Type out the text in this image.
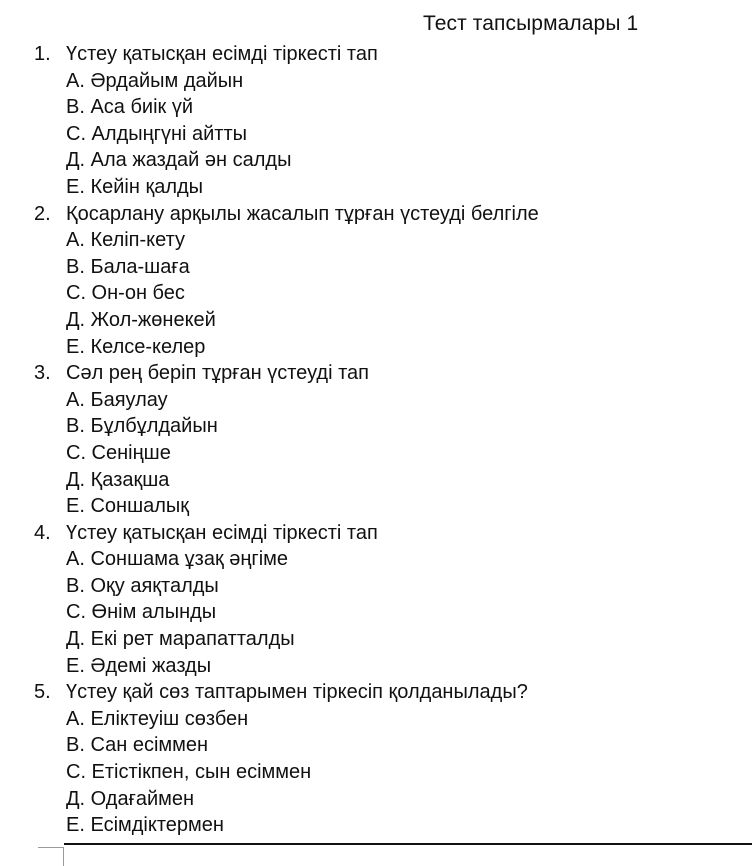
Тест тапсырмалары 1
1. Үстеу қатысқан есімді тіркесті тап
А. Әрдайым дайын
В. Аса биік үй
С. Алдыңгүні айтты
Д. Ала жаздай ән салды
Е. Кейін қалды
2. Қосарлану арқылы жасалып тұрған үстеуді белгіле
А. Келіп-кету
В. Бала-шаға
С. Он-он бес
Д. Жол-жөнекей
Е. Келсе-келер
3. Сәл рең беріп тұрған үстеуді тап
А. Баяулау
В. Бұлбұлдайын
С. Сеніңше
Д. Қазақша
Е. Соншалық
4. Үстеу қатысқан есімді тіркесті тап
А. Соншама ұзақ әңгіме
В. Оқу аяқталды
С. Өнім алынды
Д. Екі рет марапатталды
Е. Әдемі жазды
5. Үстеу қай сөз таптарымен тіркесіп қолданылады?
А. Еліктеуіш сөзбен
В. Сан есіммен
С. Етістікпен, сын есіммен
Д. Одағаймен
Е. Есімдіктермен
